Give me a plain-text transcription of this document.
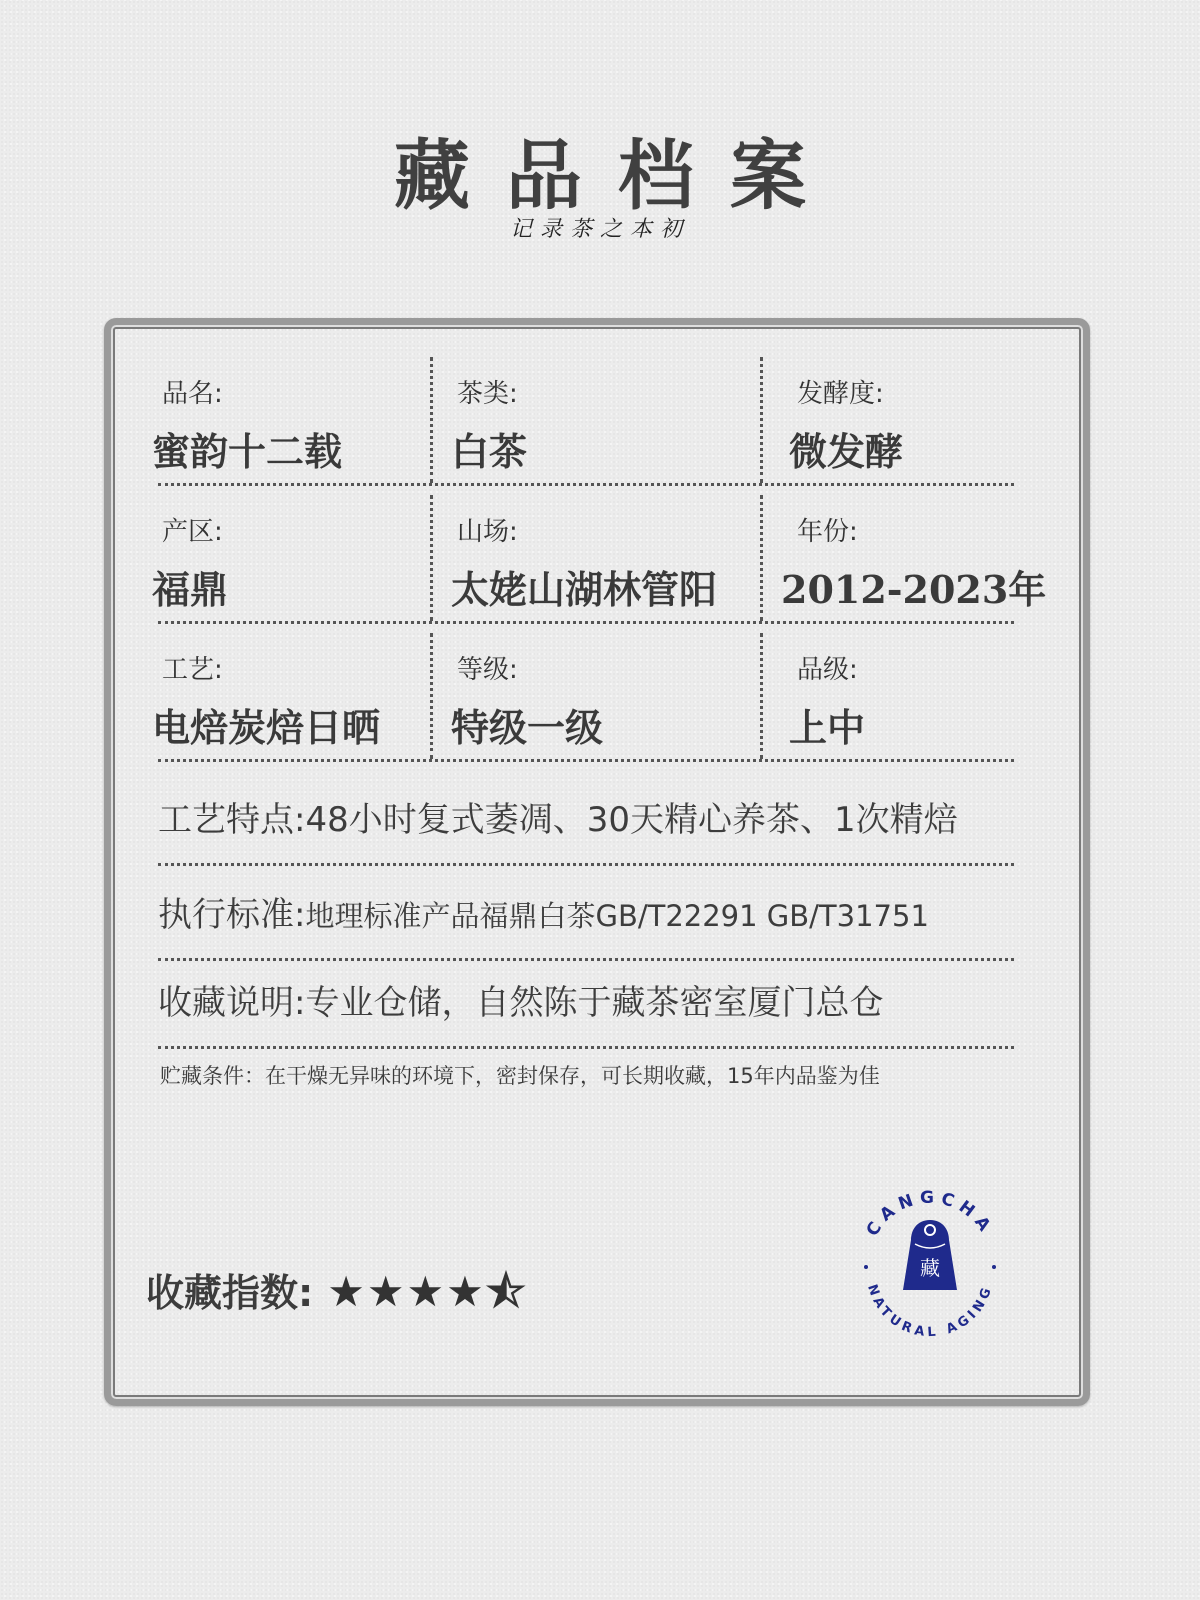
藏品档案
记录茶之本初
品名:
蜜韵十二载
茶类:
白茶
发酵度:
微发酵
产区:
福鼎
山场:
太姥山湖林管阳
年份:
2012-2023年
工艺:
电焙炭焙日晒
等级:
特级一级
品级:
上中
工艺特点:48小时复式萎凋、30天精心养茶、1次精焙
执行标准:地理标准产品福鼎白茶GB/T22291 GB/T31751
收藏说明:专业仓储，自然陈于藏茶密室厦门总仓
贮藏条件：在干燥无异味的环境下，密封保存，可长期收藏，15年内品鉴为佳
收藏指数: ★★★★⯪
CANGCHA
NATURAL AGING
藏
